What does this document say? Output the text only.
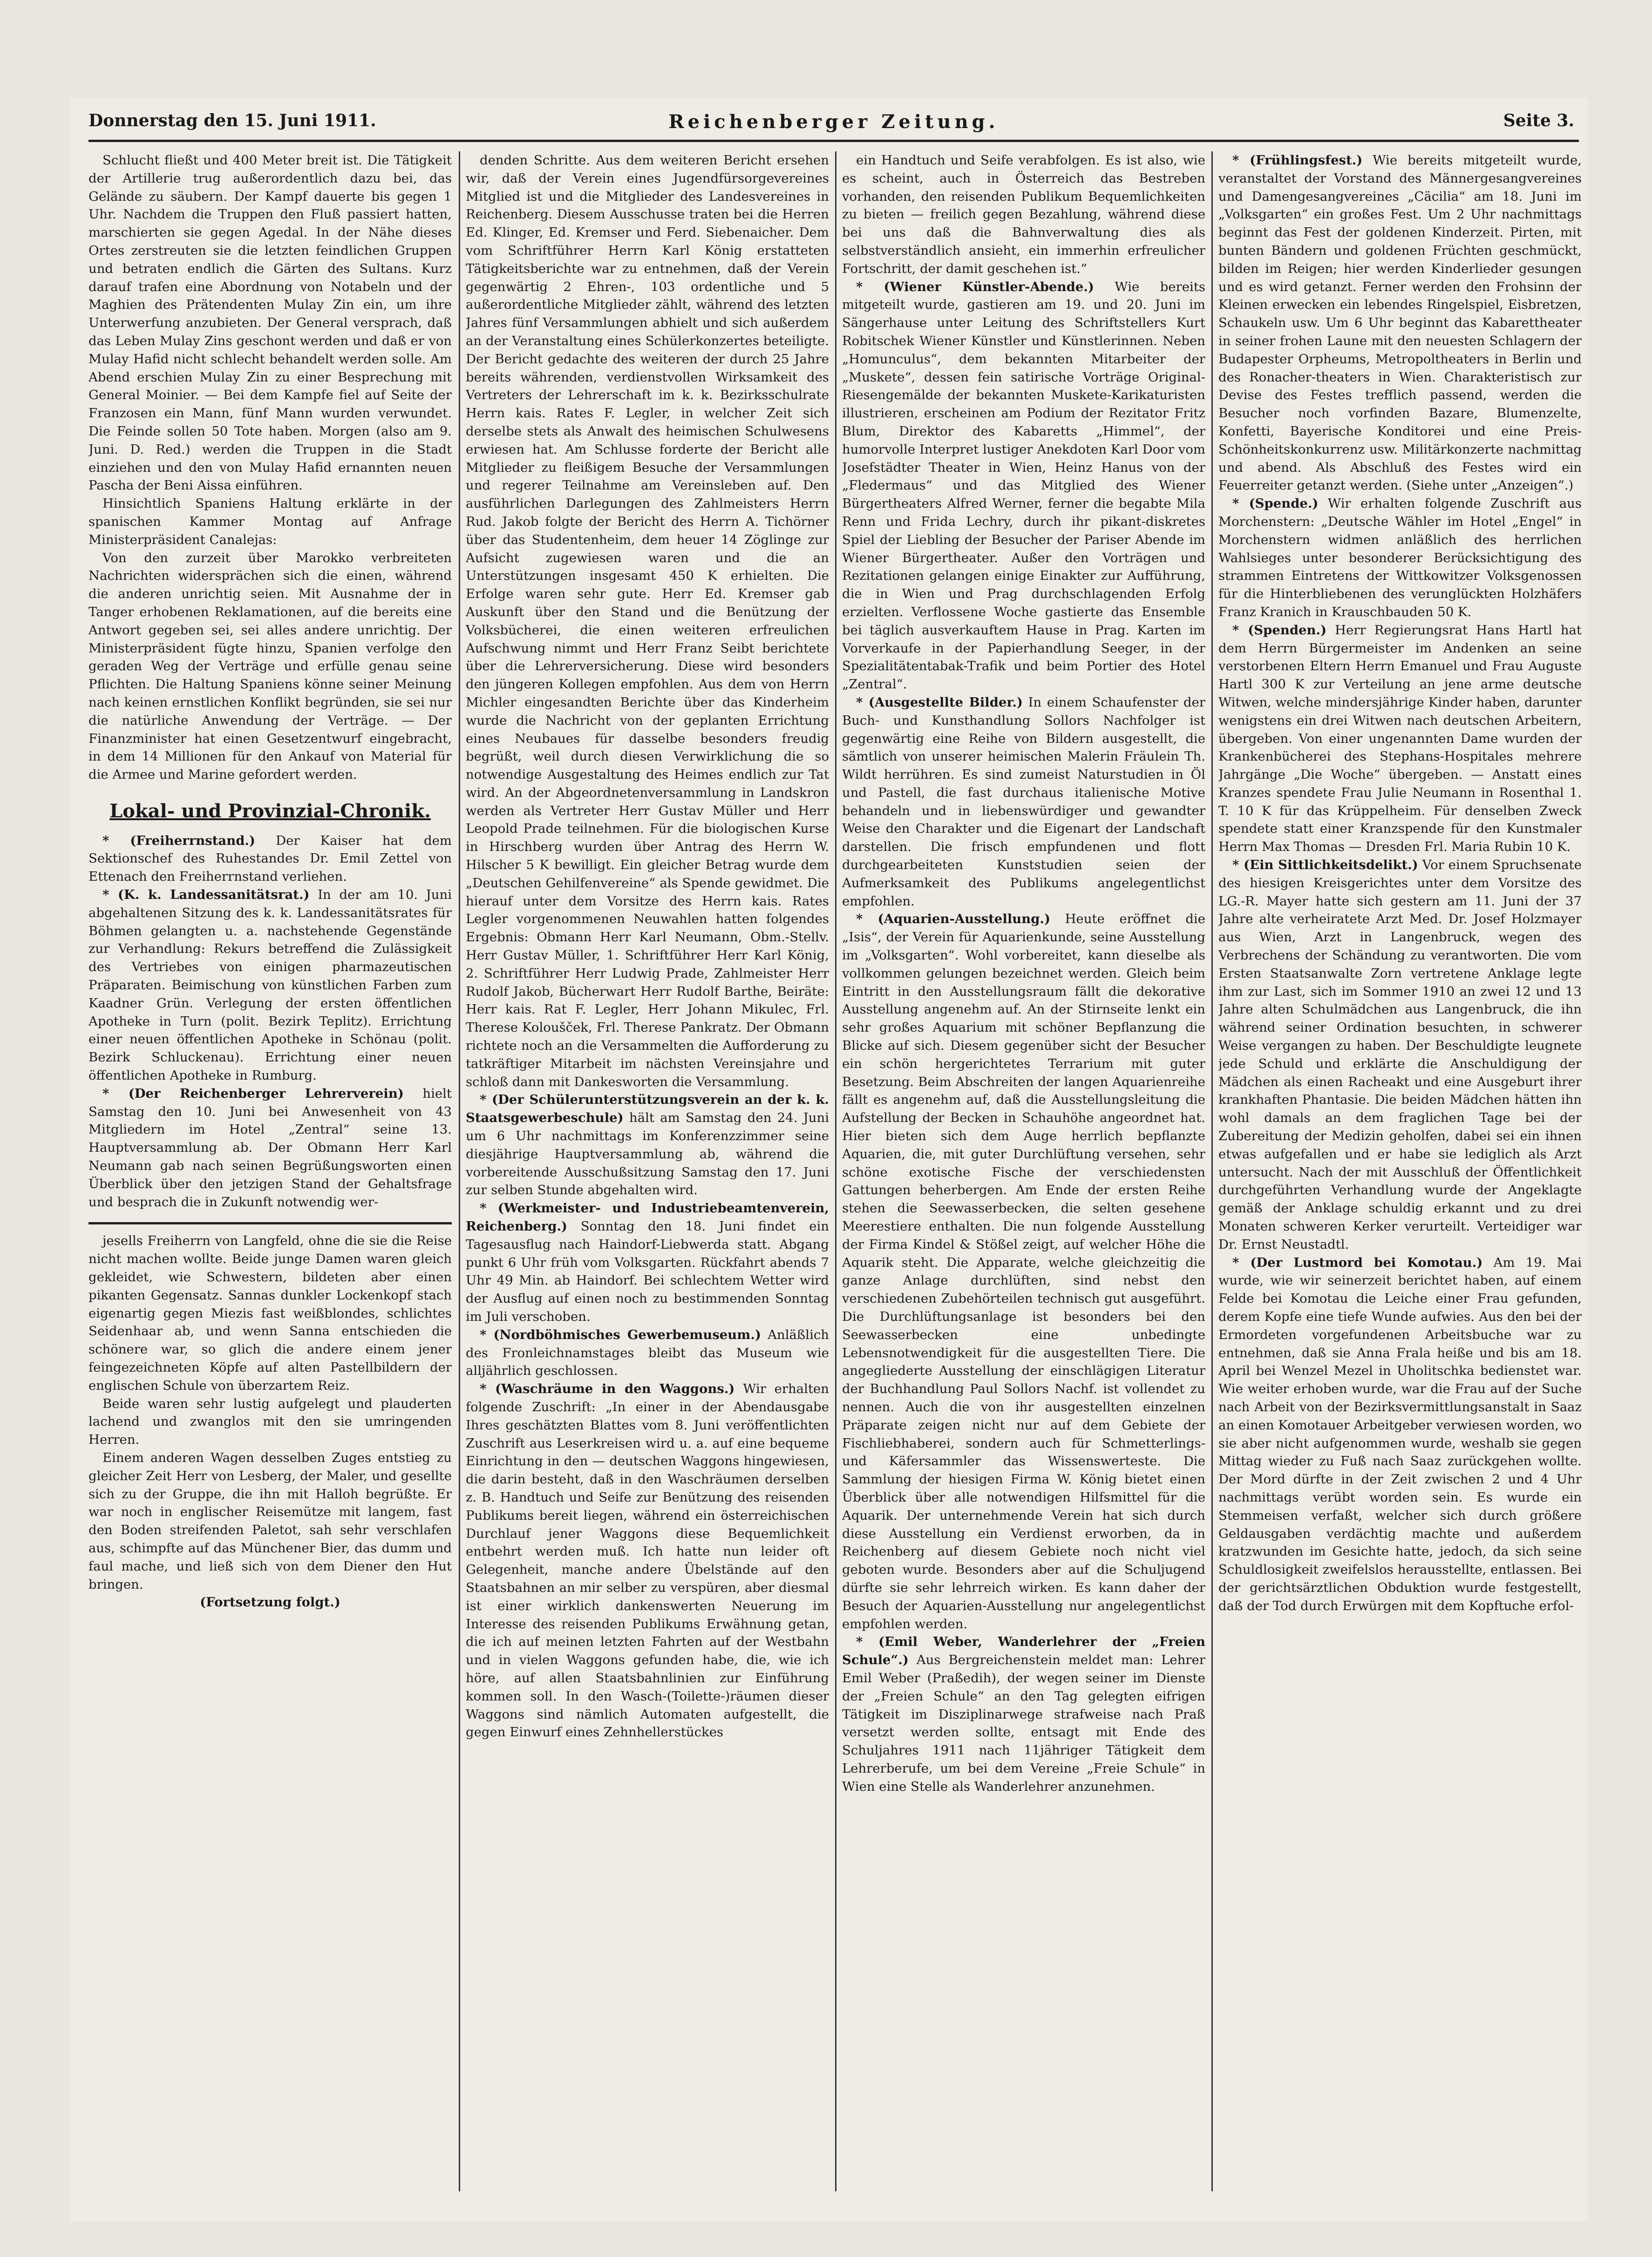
Donnerstag den 15. Juni 1911.	Reichenberger Zeitung.	Seite 3.

Schlucht fließt und 400 Meter breit ist. Die Tätigkeit der Artillerie trug außerordentlich dazu bei, das Gelände zu säubern. Der Kampf dauerte bis gegen 1 Uhr. Nachdem die Truppen den Fluß passiert hatten, marschierten sie gegen Agedal. In der Nähe dieses Ortes zerstreuten sie die letzten feindlichen Gruppen und betraten endlich die Gärten des Sultans. Kurz darauf trafen eine Abordnung von Notabeln und der Maghien des Prätendenten Mulay Zin ein, um ihre Unterwerfung anzubieten. Der General versprach, daß das Leben Mulay Zins geschont werden und daß er von Mulay Hafid nicht schlecht behandelt werden solle. Am Abend erschien Mulay Zin zu einer Besprechung mit General Moinier. — Bei dem Kampfe fiel auf Seite der Franzosen ein Mann, fünf Mann wurden verwundet. Die Feinde sollen 50 Tote haben. Morgen (also am 9. Juni. D. Red.) werden die Truppen in die Stadt einziehen und den von Mulay Hafid ernannten neuen Pascha der Beni Aissa einführen.

Hinsichtlich Spaniens Haltung erklärte in der spanischen Kammer Montag auf Anfrage Ministerpräsident Canalejas:

Von den zurzeit über Marokko verbreiteten Nachrichten widersprächen sich die einen, während die anderen unrichtig seien. Mit Ausnahme der in Tanger erhobenen Reklamationen, auf die bereits eine Antwort gegeben sei, sei alles andere unrichtig. Der Ministerpräsident fügte hinzu, Spanien verfolge den geraden Weg der Verträge und erfülle genau seine Pflichten. Die Haltung Spaniens könne seiner Meinung nach keinen ernstlichen Konflikt begründen, sie sei nur die natürliche Anwendung der Verträge. — Der Finanzminister hat einen Gesetzentwurf eingebracht, in dem 14 Millionen für den Ankauf von Material für die Armee und Marine gefordert werden.

Lokal- und Provinzial-Chronik.

* (Freiherrnstand.) Der Kaiser hat dem Sektionschef des Ruhestandes Dr. Emil Zettel von Ettenach den Freiherrnstand verliehen.

* (K. k. Landessanitätsrat.) In der am 10. Juni abgehaltenen Sitzung des k. k. Landessanitätsrates für Böhmen gelangten u. a. nachstehende Gegenstände zur Verhandlung: Rekurs betreffend die Zulässigkeit des Vertriebes von einigen pharmazeutischen Präparaten. Beimischung von künstlichen Farben zum Kaadner Grün. Verlegung der ersten öffentlichen Apotheke in Turn (polit. Bezirk Teplitz). Errichtung einer neuen öffentlichen Apotheke in Schönau (polit. Bezirk Schluckenau). Errichtung einer neuen öffentlichen Apotheke in Rumburg.

* (Der Reichenberger Lehrerverein) hielt Samstag den 10. Juni bei Anwesenheit von 43 Mitgliedern im Hotel „Zentral“ seine 13. Hauptversammlung ab. Der Obmann Herr Karl Neumann gab nach seinen Begrüßungsworten einen Überblick über den jetzigen Stand der Gehaltsfrage und besprach die in Zukunft notwendig wer-

jesells Freiherrn von Langfeld, ohne die sie die Reise nicht machen wollte. Beide junge Damen waren gleich gekleidet, wie Schwestern, bildeten aber einen pikanten Gegensatz. Sannas dunkler Lockenkopf stach eigenartig gegen Miezis fast weißblondes, schlichtes Seidenhaar ab, und wenn Sanna entschieden die schönere war, so glich die andere einem jener feingezeichneten Köpfe auf alten Pastellbildern der englischen Schule von überzartem Reiz.

Beide waren sehr lustig aufgelegt und plauderten lachend und zwanglos mit den sie umringenden Herren.

Einem anderen Wagen desselben Zuges entstieg zu gleicher Zeit Herr von Lesberg, der Maler, und gesellte sich zu der Gruppe, die ihn mit Halloh begrüßte. Er war noch in englischer Reisemütze mit langem, fast den Boden streifenden Paletot, sah sehr verschlafen aus, schimpfte auf das Münchener Bier, das dumm und faul mache, und ließ sich von dem Diener den Hut bringen.

(Fortsetzung folgt.)

denden Schritte. Aus dem weiteren Bericht ersehen wir, daß der Verein eines Jugendfürsorgevereines Mitglied ist und die Mitglieder des Landesvereines in Reichenberg. Diesem Ausschusse traten bei die Herren Ed. Klinger, Ed. Kremser und Ferd. Siebenaicher. Dem vom Schriftführer Herrn Karl König erstatteten Tätigkeitsberichte war zu entnehmen, daß der Verein gegenwärtig 2 Ehren-, 103 ordentliche und 5 außerordentliche Mitglieder zählt, während des letzten Jahres fünf Versammlungen abhielt und sich außerdem an der Veranstaltung eines Schülerkonzertes beteiligte. Der Bericht gedachte des weiteren der durch 25 Jahre bereits währenden, verdienstvollen Wirksamkeit des Vertreters der Lehrerschaft im k. k. Bezirksschulrate Herrn kais. Rates F. Legler, in welcher Zeit sich derselbe stets als Anwalt des heimischen Schulwesens erwiesen hat. Am Schlusse forderte der Bericht alle Mitglieder zu fleißigem Besuche der Versammlungen und regerer Teilnahme am Vereinsleben auf. Den ausführlichen Darlegungen des Zahlmeisters Herrn Rud. Jakob folgte der Bericht des Herrn A. Tichörner über das Studentenheim, dem heuer 14 Zöglinge zur Aufsicht zugewiesen waren und die an Unterstützungen insgesamt 450 K erhielten. Die Erfolge waren sehr gute. Herr Ed. Kremser gab Auskunft über den Stand und die Benützung der Volksbücherei, die einen weiteren erfreulichen Aufschwung nimmt und Herr Franz Seibt berichtete über die Lehrerversicherung. Diese wird besonders den jüngeren Kollegen empfohlen. Aus dem von Herrn Michler eingesandten Berichte über das Kinderheim wurde die Nachricht von der geplanten Errichtung eines Neubaues für dasselbe besonders freudig begrüßt, weil durch diesen Verwirklichung die so notwendige Ausgestaltung des Heimes endlich zur Tat wird. An der Abgeordnetenversammlung in Landskron werden als Vertreter Herr Gustav Müller und Herr Leopold Prade teilnehmen. Für die biologischen Kurse in Hirschberg wurden über Antrag des Herrn W. Hilscher 5 K bewilligt. Ein gleicher Betrag wurde dem „Deutschen Gehilfenvereine“ als Spende gewidmet. Die hierauf unter dem Vorsitze des Herrn kais. Rates Legler vorgenommenen Neuwahlen hatten folgendes Ergebnis: Obmann Herr Karl Neumann, Obm.-Stellv. Herr Gustav Müller, 1. Schriftführer Herr Karl König, 2. Schriftführer Herr Ludwig Prade, Zahlmeister Herr Rudolf Jakob, Bücherwart Herr Rudolf Barthe, Beiräte: Herr kais. Rat F. Legler, Herr Johann Mikulec, Frl. Therese Koloušček, Frl. Therese Pankratz. Der Obmann richtete noch an die Versammelten die Aufforderung zu tatkräftiger Mitarbeit im nächsten Vereinsjahre und schloß dann mit Dankesworten die Versammlung.

* (Der Schülerunterstützungsverein an der k. k. Staatsgewerbeschule) hält am Samstag den 24. Juni um 6 Uhr nachmittags im Konferenzzimmer seine diesjährige Hauptversammlung ab, während die vorbereitende Ausschußsitzung Samstag den 17. Juni zur selben Stunde abgehalten wird.

* (Werkmeister- und Industriebeamtenverein, Reichenberg.) Sonntag den 18. Juni findet ein Tagesausflug nach Haindorf-Liebwerda statt. Abgang punkt 6 Uhr früh vom Volksgarten. Rückfahrt abends 7 Uhr 49 Min. ab Haindorf. Bei schlechtem Wetter wird der Ausflug auf einen noch zu bestimmenden Sonntag im Juli verschoben.

* (Nordböhmisches Gewerbemuseum.) Anläßlich des Fronleichnamstages bleibt das Museum wie alljährlich geschlossen.

* (Waschräume in den Waggons.) Wir erhalten folgende Zuschrift: „In einer in der Abendausgabe Ihres geschätzten Blattes vom 8. Juni veröffentlichten Zuschrift aus Leserkreisen wird u. a. auf eine bequeme Einrichtung in den — deutschen Waggons hingewiesen, die darin besteht, daß in den Waschräumen derselben z. B. Handtuch und Seife zur Benützung des reisenden Publikums bereit liegen, während ein österreichischen Durchlauf jener Waggons diese Bequemlichkeit entbehrt werden muß. Ich hatte nun leider oft Gelegenheit, manche andere Übelstände auf den Staatsbahnen an mir selber zu verspüren, aber diesmal ist einer wirklich dankenswerten Neuerung im Interesse des reisenden Publikums Erwähnung getan, die ich auf meinen letzten Fahrten auf der Westbahn und in vielen Waggons gefunden habe, die, wie ich höre, auf allen Staatsbahnlinien zur Einführung kommen soll. In den Wasch-(Toilette-)räumen dieser Waggons sind nämlich Automaten aufgestellt, die gegen Einwurf eines Zehnhellerstückes

ein Handtuch und Seife verabfolgen. Es ist also, wie es scheint, auch in Österreich das Bestreben vorhanden, den reisenden Publikum Bequemlichkeiten zu bieten — freilich gegen Bezahlung, während diese bei uns daß die Bahnverwaltung dies als selbstverständlich ansieht, ein immerhin erfreulicher Fortschritt, der damit geschehen ist.“

* (Wiener Künstler-Abende.) Wie bereits mitgeteilt wurde, gastieren am 19. und 20. Juni im Sängerhause unter Leitung des Schriftstellers Kurt Robitschek Wiener Künstler und Künstlerinnen. Neben „Homunculus“, dem bekannten Mitarbeiter der „Muskete“, dessen fein satirische Vorträge Original-Riesengemälde der bekannten Muskete-Karikaturisten illustrieren, erscheinen am Podium der Rezitator Fritz Blum, Direktor des Kabaretts „Himmel“, der humorvolle Interpret lustiger Anekdoten Karl Door vom Josefstädter Theater in Wien, Heinz Hanus von der „Fledermaus“ und das Mitglied des Wiener Bürgertheaters Alfred Werner, ferner die begabte Mila Renn und Frida Lechry, durch ihr pikant-diskretes Spiel der Liebling der Besucher der Pariser Abende im Wiener Bürgertheater. Außer den Vorträgen und Rezitationen gelangen einige Einakter zur Aufführung, die in Wien und Prag durchschlagenden Erfolg erzielten. Verflossene Woche gastierte das Ensemble bei täglich ausverkauftem Hause in Prag. Karten im Vorverkaufe in der Papierhandlung Seeger, in der Spezialitätentabak-Trafik und beim Portier des Hotel „Zentral“.

* (Ausgestellte Bilder.) In einem Schaufenster der Buch- und Kunsthandlung Sollors Nachfolger ist gegenwärtig eine Reihe von Bildern ausgestellt, die sämtlich von unserer heimischen Malerin Fräulein Th. Wildt herrühren. Es sind zumeist Naturstudien in Öl und Pastell, die fast durchaus italienische Motive behandeln und in liebenswürdiger und gewandter Weise den Charakter und die Eigenart der Landschaft darstellen. Die frisch empfundenen und flott durchgearbeiteten Kunststudien seien der Aufmerksamkeit des Publikums angelegentlichst empfohlen.

* (Aquarien-Ausstellung.) Heute eröffnet die „Isis“, der Verein für Aquarienkunde, seine Ausstellung im „Volksgarten“. Wohl vorbereitet, kann dieselbe als vollkommen gelungen bezeichnet werden. Gleich beim Eintritt in den Ausstellungsraum fällt die dekorative Ausstellung angenehm auf. An der Stirnseite lenkt ein sehr großes Aquarium mit schöner Bepflanzung die Blicke auf sich. Diesem gegenüber sicht der Besucher ein schön hergerichtetes Terrarium mit guter Besetzung. Beim Abschreiten der langen Aquarienreihe fällt es angenehm auf, daß die Ausstellungsleitung die Aufstellung der Becken in Schauhöhe angeordnet hat. Hier bieten sich dem Auge herrlich bepflanzte Aquarien, die, mit guter Durchlüftung versehen, sehr schöne exotische Fische der verschiedensten Gattungen beherbergen. Am Ende der ersten Reihe stehen die Seewasserbecken, die selten gesehene Meerestiere enthalten. Die nun folgende Ausstellung der Firma Kindel & Stößel zeigt, auf welcher Höhe die Aquarik steht. Die Apparate, welche gleichzeitig die ganze Anlage durchlüften, sind nebst den verschiedenen Zubehörteilen technisch gut ausgeführt. Die Durchlüftungsanlage ist besonders bei den Seewasserbecken eine unbedingte Lebensnotwendigkeit für die ausgestellten Tiere. Die angegliederte Ausstellung der einschlägigen Literatur der Buchhandlung Paul Sollors Nachf. ist vollendet zu nennen. Auch die von ihr ausgestellten einzelnen Präparate zeigen nicht nur auf dem Gebiete der Fischliebhaberei, sondern auch für Schmetterlings- und Käfersammler das Wissenswerteste. Die Sammlung der hiesigen Firma W. König bietet einen Überblick über alle notwendigen Hilfsmittel für die Aquarik. Der unternehmende Verein hat sich durch diese Ausstellung ein Verdienst erworben, da in Reichenberg auf diesem Gebiete noch nicht viel geboten wurde. Besonders aber auf die Schuljugend dürfte sie sehr lehrreich wirken. Es kann daher der Besuch der Aquarien-Ausstellung nur angelegentlichst empfohlen werden.

* (Emil Weber, Wanderlehrer der „Freien Schule“.) Aus Bergreichenstein meldet man: Lehrer Emil Weber (Praßedih), der wegen seiner im Dienste der „Freien Schule“ an den Tag gelegten eifrigen Tätigkeit im Disziplinarwege strafweise nach Praß versetzt werden sollte, entsagt mit Ende des Schuljahres 1911 nach 11jähriger Tätigkeit dem Lehrerberufe, um bei dem Vereine „Freie Schule“ in Wien eine Stelle als Wanderlehrer anzunehmen.

* (Frühlingsfest.) Wie bereits mitgeteilt wurde, veranstaltet der Vorstand des Männergesangvereines und Damengesangvereines „Cäcilia“ am 18. Juni im „Volksgarten“ ein großes Fest. Um 2 Uhr nachmittags beginnt das Fest der goldenen Kinderzeit. Pirten, mit bunten Bändern und goldenen Früchten geschmückt, bilden im Reigen; hier werden Kinderlieder gesungen und es wird getanzt. Ferner werden den Frohsinn der Kleinen erwecken ein lebendes Ringelspiel, Eisbretzen, Schaukeln usw. Um 6 Uhr beginnt das Kabarettheater in seiner frohen Laune mit den neuesten Schlagern der Budapester Orpheums, Metropoltheaters in Berlin und des Ronacher-theaters in Wien. Charakteristisch zur Devise des Festes trefflich passend, werden die Besucher noch vorfinden Bazare, Blumenzelte, Konfetti, Bayerische Konditorei und eine Preis-Schönheitskonkurrenz usw. Militärkonzerte nachmittag und abend. Als Abschluß des Festes wird ein Feuerreiter getanzt werden. (Siehe unter „Anzeigen“.)

* (Spende.) Wir erhalten folgende Zuschrift aus Morchenstern: „Deutsche Wähler im Hotel „Engel“ in Morchenstern widmen anläßlich des herrlichen Wahlsieges unter besonderer Berücksichtigung des strammen Eintretens der Wittkowitzer Volksgenossen für die Hinterbliebenen des verunglückten Holzhäfers Franz Kranich in Krauschbauden 50 K.

* (Spenden.) Herr Regierungsrat Hans Hartl hat dem Herrn Bürgermeister im Andenken an seine verstorbenen Eltern Herrn Emanuel und Frau Auguste Hartl 300 K zur Verteilung an jene arme deutsche Witwen, welche mindersjährige Kinder haben, darunter wenigstens ein drei Witwen nach deutschen Arbeitern, übergeben. Von einer ungenannten Dame wurden der Krankenbücherei des Stephans-Hospitales mehrere Jahrgänge „Die Woche“ übergeben. — Anstatt eines Kranzes spendete Frau Julie Neumann in Rosenthal 1. T. 10 K für das Krüppelheim. Für denselben Zweck spendete statt einer Kranzspende für den Kunstmaler Herrn Max Thomas — Dresden Frl. Maria Rubin 10 K.

* (Ein Sittlichkeitsdelikt.) Vor einem Spruchsenate des hiesigen Kreisgerichtes unter dem Vorsitze des LG.-R. Mayer hatte sich gestern am 11. Juni der 37 Jahre alte verheiratete Arzt Med. Dr. Josef Holzmayer aus Wien, Arzt in Langenbruck, wegen des Verbrechens der Schändung zu verantworten. Die vom Ersten Staatsanwalte Zorn vertretene Anklage legte ihm zur Last, sich im Sommer 1910 an zwei 12 und 13 Jahre alten Schulmädchen aus Langenbruck, die ihn während seiner Ordination besuchten, in schwerer Weise vergangen zu haben. Der Beschuldigte leugnete jede Schuld und erklärte die Anschuldigung der Mädchen als einen Racheakt und eine Ausgeburt ihrer krankhaften Phantasie. Die beiden Mädchen hätten ihn wohl damals an dem fraglichen Tage bei der Zubereitung der Medizin geholfen, dabei sei ein ihnen etwas aufgefallen und er habe sie lediglich als Arzt untersucht. Nach der mit Ausschluß der Öffentlichkeit durchgeführten Verhandlung wurde der Angeklagte gemäß der Anklage schuldig erkannt und zu drei Monaten schweren Kerker verurteilt. Verteidiger war Dr. Ernst Neustadtl.

* (Der Lustmord bei Komotau.) Am 19. Mai wurde, wie wir seinerzeit berichtet haben, auf einem Felde bei Komotau die Leiche einer Frau gefunden, derem Kopfe eine tiefe Wunde aufwies. Aus den bei der Ermordeten vorgefundenen Arbeitsbuche war zu entnehmen, daß sie Anna Frala heiße und bis am 18. April bei Wenzel Mezel in Uholitschka bedienstet war. Wie weiter erhoben wurde, war die Frau auf der Suche nach Arbeit von der Bezirksvermittlungsanstalt in Saaz an einen Komotauer Arbeitgeber verwiesen worden, wo sie aber nicht aufgenommen wurde, weshalb sie gegen Mittag wieder zu Fuß nach Saaz zurückgehen wollte. Der Mord dürfte in der Zeit zwischen 2 und 4 Uhr nachmittags verübt worden sein. Es wurde ein Stemmeisen verfaßt, welcher sich durch größere Geldausgaben verdächtig machte und außerdem kratzwunden im Gesichte hatte, jedoch, da sich seine Schuldlosigkeit zweifelslos herausstellte, entlassen. Bei der gerichtsärztlichen Obduktion wurde festgestellt, daß der Tod durch Erwürgen mit dem Kopftuche erfol-
